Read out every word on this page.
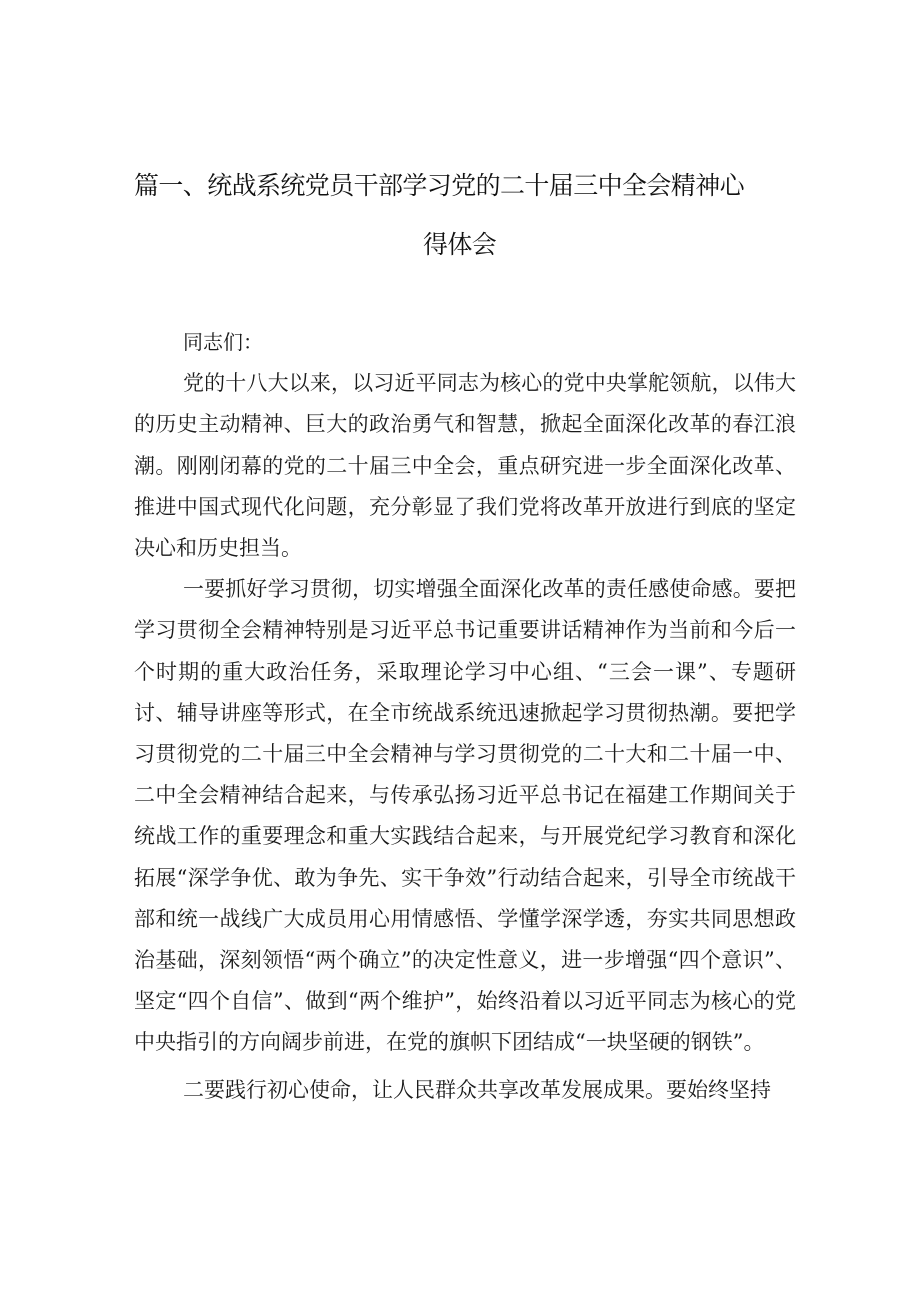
篇一、统战系统党员干部学习党的二十届三中全会精神心
得体会

同志们：

党的十八大以来，以习近平同志为核心的党中央掌舵领航，以伟大的历史主动精神、巨大的政治勇气和智慧，掀起全面深化改革的春江浪潮。刚刚闭幕的党的二十届三中全会，重点研究进一步全面深化改革、推进中国式现代化问题，充分彰显了我们党将改革开放进行到底的坚定决心和历史担当。

一要抓好学习贯彻，切实增强全面深化改革的责任感使命感。要把学习贯彻全会精神特别是习近平总书记重要讲话精神作为当前和今后一个时期的重大政治任务，采取理论学习中心组、“三会一课”、专题研讨、辅导讲座等形式，在全市统战系统迅速掀起学习贯彻热潮。要把学习贯彻党的二十届三中全会精神与学习贯彻党的二十大和二十届一中、二中全会精神结合起来，与传承弘扬习近平总书记在福建工作期间关于统战工作的重要理念和重大实践结合起来，与开展党纪学习教育和深化拓展“深学争优、敢为争先、实干争效”行动结合起来，引导全市统战干部和统一战线广大成员用心用情感悟、学懂学深学透，夯实共同思想政治基础，深刻领悟“两个确立”的决定性意义，进一步增强“四个意识”、坚定“四个自信”、做到“两个维护”，始终沿着以习近平同志为核心的党中央指引的方向阔步前进，在党的旗帜下团结成“一块坚硬的钢铁”。

二要践行初心使命，让人民群众共享改革发展成果。要始终坚持
